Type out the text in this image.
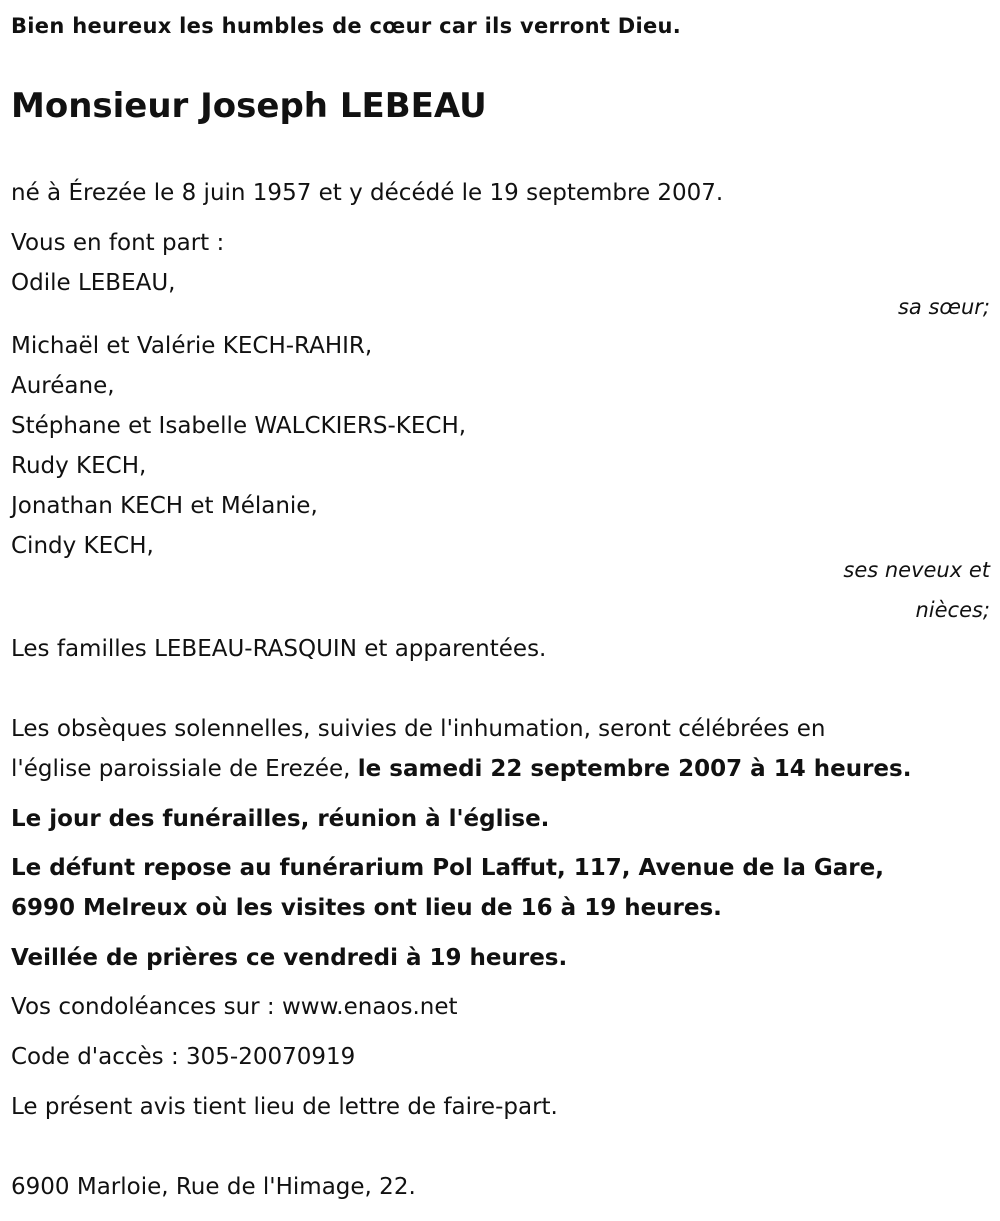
Bien heureux les humbles de cœur car ils verront Dieu.
Monsieur Joseph LEBEAU
né à Érezée le 8 juin 1957 et y décédé le 19 septembre 2007.
Vous en font part :
Odile LEBEAU,
sa sœur;
Michaël et Valérie KECH-RAHIR,
Auréane,
Stéphane et Isabelle WALCKIERS-KECH,
Rudy KECH,
Jonathan KECH et Mélanie,
Cindy KECH,
ses neveux et
nièces;
Les familles LEBEAU-RASQUIN et apparentées.
Les obsèques solennelles, suivies de l'inhumation, seront célébrées en
l'église paroissiale de Erezée, le samedi 22 septembre 2007 à 14 heures.
Le jour des funérailles, réunion à l'église.
Le défunt repose au funérarium Pol Laffut, 117, Avenue de la Gare,
6990 Melreux où les visites ont lieu de 16 à 19 heures.
Veillée de prières ce vendredi à 19 heures.
Vos condoléances sur : www.enaos.net
Code d'accès : 305-20070919
Le présent avis tient lieu de lettre de faire-part.
6900 Marloie, Rue de l'Himage, 22.
